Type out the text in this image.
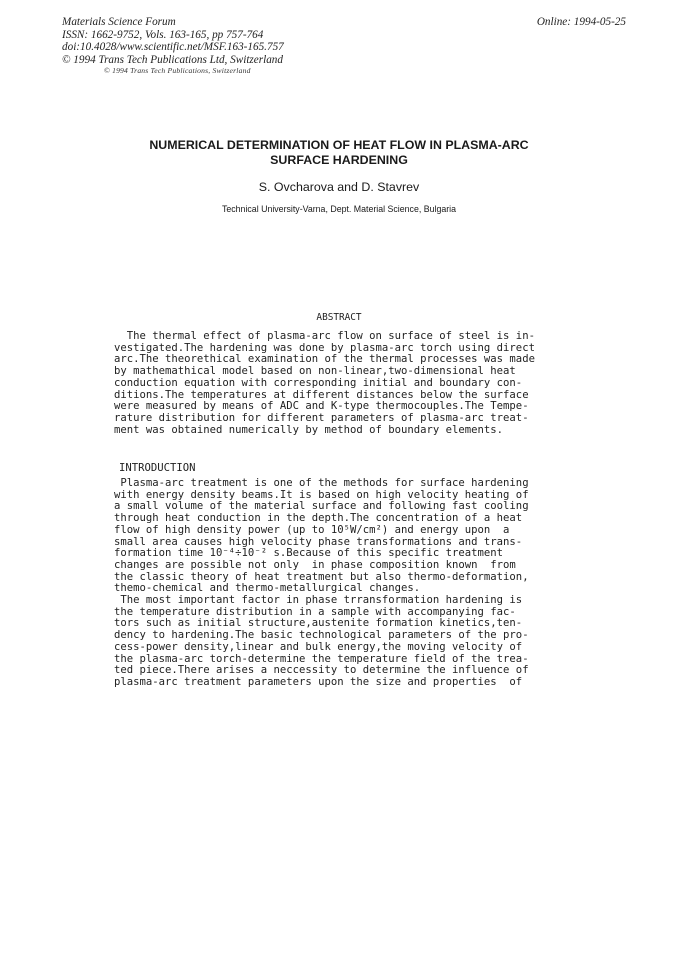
Materials Science Forum
ISSN: 1662-9752, Vols. 163-165, pp 757-764
doi:10.4028/www.scientific.net/MSF.163-165.757
© 1994 Trans Tech Publications Ltd, Switzerland
Online: 1994-05-25
© 1994 Trans Tech Publications, Switzerland
NUMERICAL DETERMINATION OF HEAT FLOW IN PLASMA-ARC
SURFACE HARDENING
S. Ovcharova and D. Stavrev
Technical University-Varna, Dept. Material Science, Bulgaria
ABSTRACT
The thermal effect of plasma-arc flow on surface of steel is in-
vestigated.The hardening was done by plasma-arc torch using direct
arc.The theorethical examination of the thermal processes was made
by mathemathical model based on non-linear,two-dimensional heat
conduction equation with corresponding initial and boundary con-
ditions.The temperatures at different distances below the surface
were measured by means of ADC and K-type thermocouples.The Tempe-
rature distribution for different parameters of plasma-arc treat-
ment was obtained numerically by method of boundary elements.
INTRODUCTION
Plasma-arc treatment is one of the methods for surface hardening
with energy density beams.It is based on high velocity heating of
a small volume of the material surface and following fast cooling
through heat conduction in the depth.The concentration of a heat
flow of high density power (up to 10⁵W/cm²) and energy upon  a
small area causes high velocity phase transformations and trans-
formation time 10⁻⁴÷10⁻² s.Because of this specific treatment
changes are possible not only  in phase composition known  from
the classic theory of heat treatment but also thermo-deformation,
themo-chemical and thermo-metallurgical changes.
The most important factor in phase trransformation hardening is
the temperature distribution in a sample with accompanying fac-
tors such as initial structure,austenite formation kinetics,ten-
dency to hardening.The basic technological parameters of the pro-
cess-power density,linear and bulk energy,the moving velocity of
the plasma-arc torch-determine the temperature field of the trea-
ted piece.There arises a neccessity to determine the influence of
plasma-arc treatment parameters upon the size and properties  of
